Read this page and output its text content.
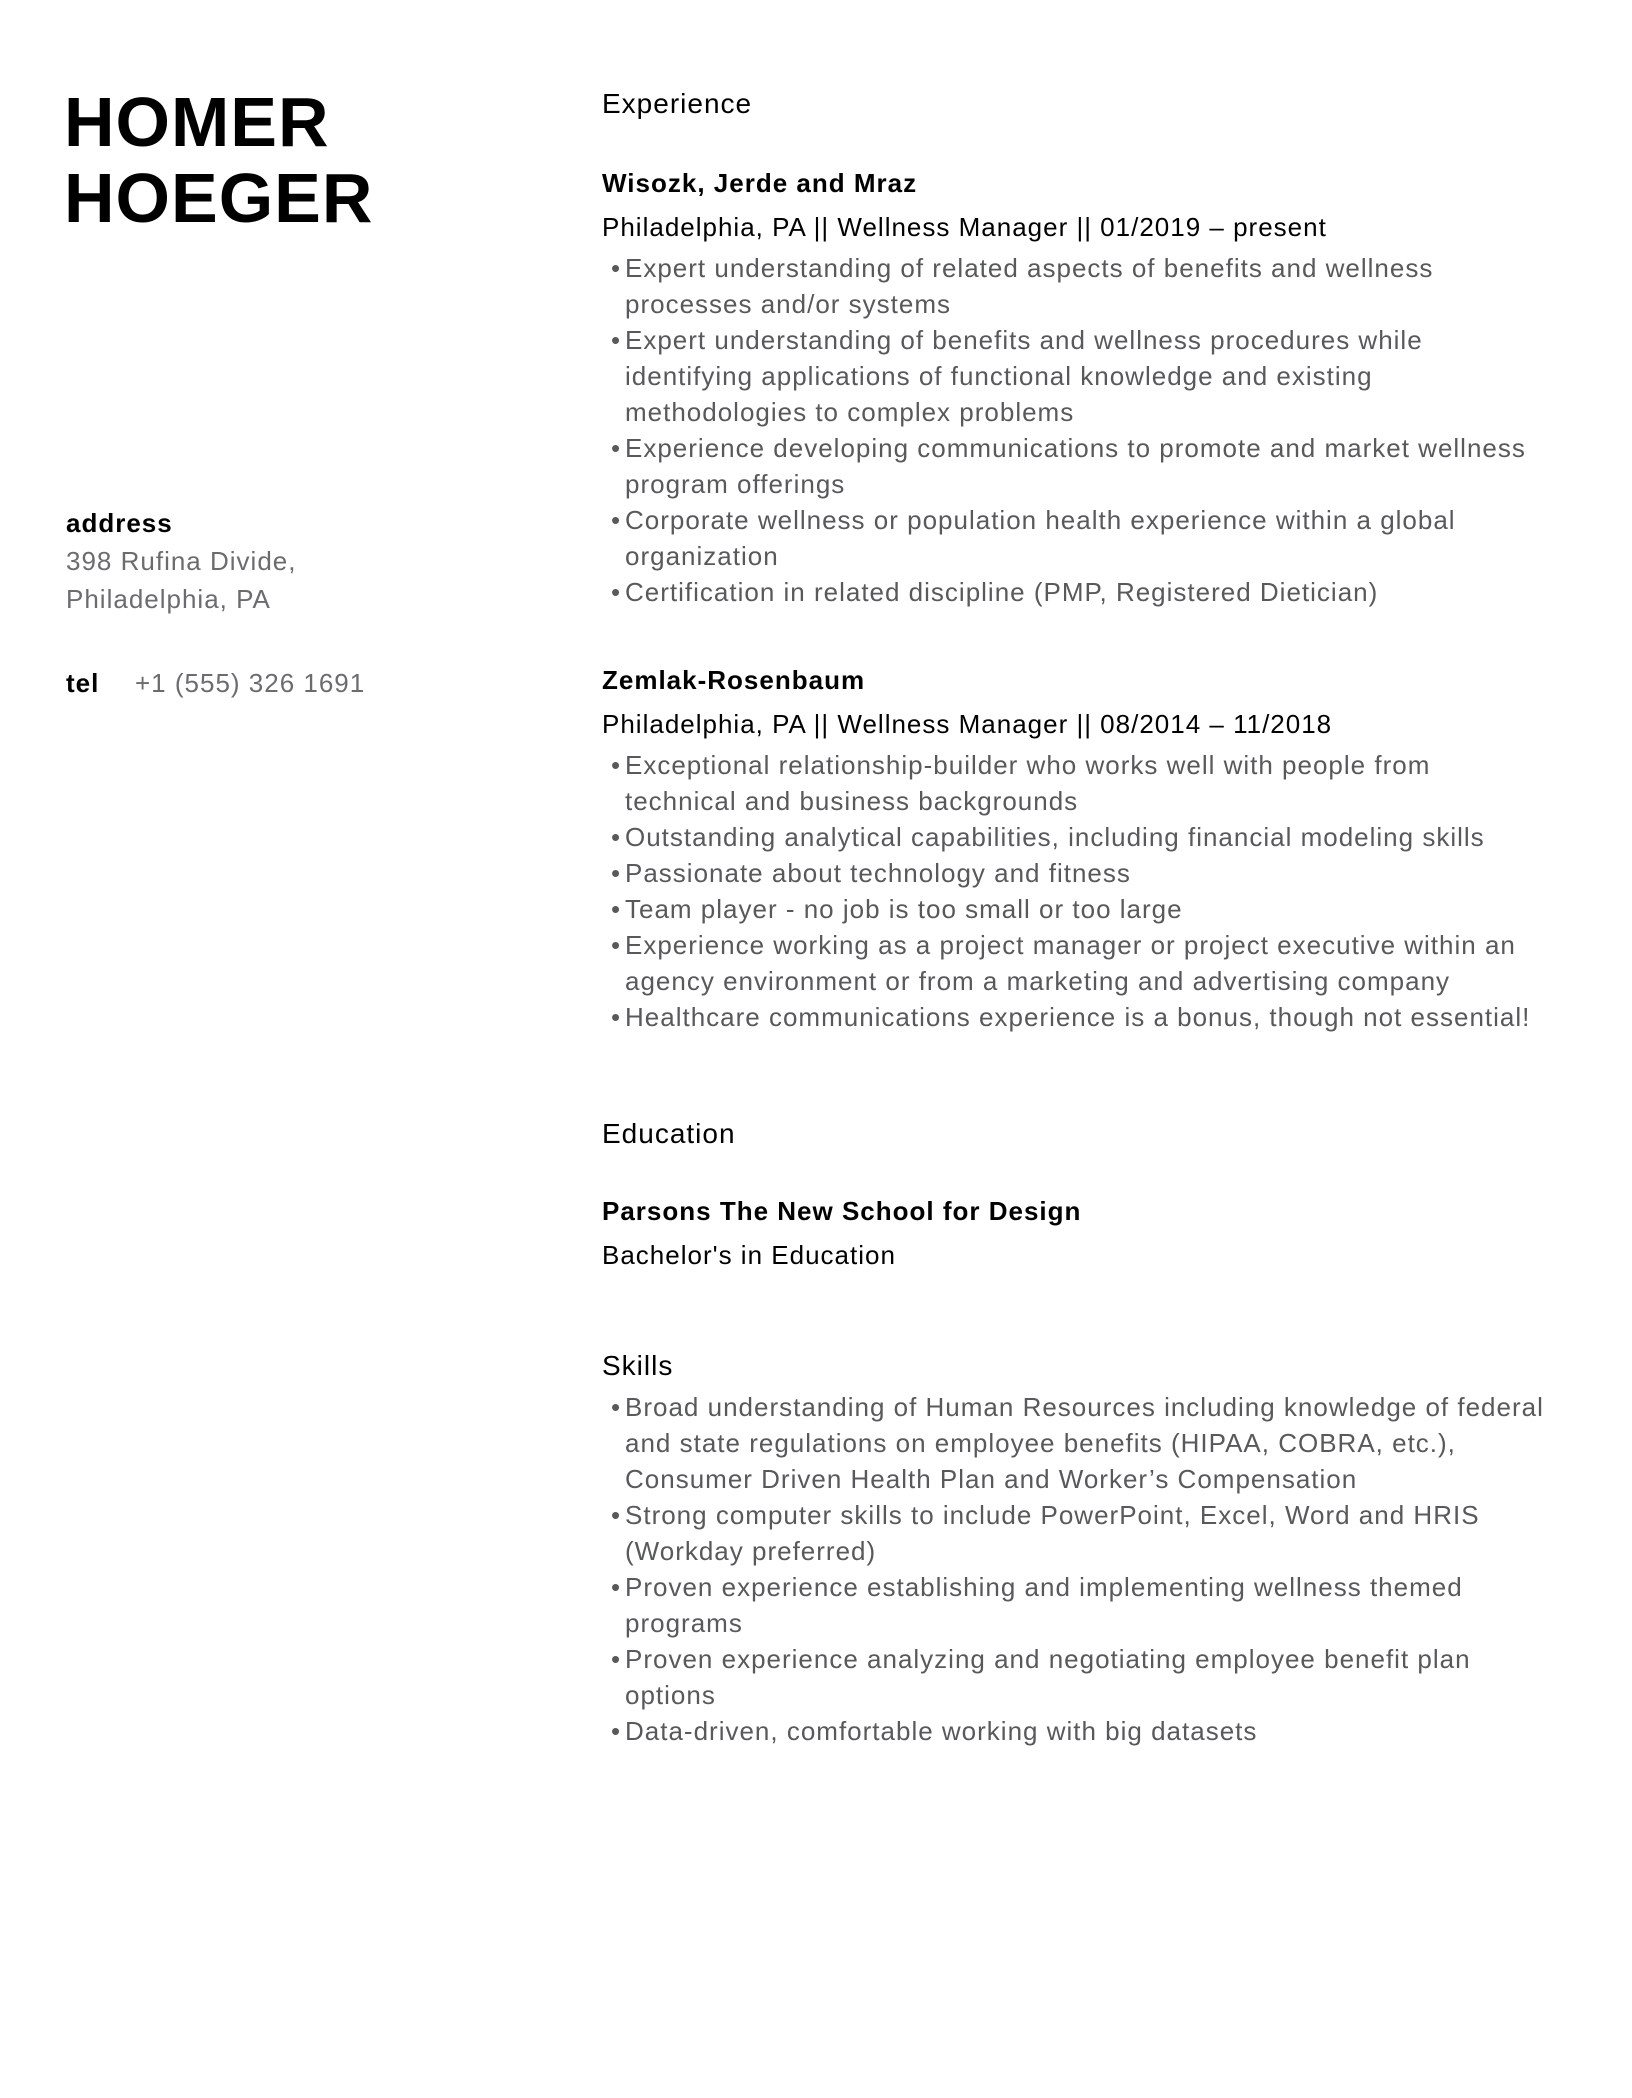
HOMER
HOEGER
address
398 Rufina Divide,
Philadelphia, PA
tel +1 (555) 326 1691
Experience
Wisozk, Jerde and Mraz
Philadelphia, PA || Wellness Manager || 01/2019 – present
• Expert understanding of related aspects of benefits and wellness processes and/or systems
• Expert understanding of benefits and wellness procedures while identifying applications of functional knowledge and existing methodologies to complex problems
• Experience developing communications to promote and market wellness program offerings
• Corporate wellness or population health experience within a global organization
• Certification in related discipline (PMP, Registered Dietician)
Zemlak-Rosenbaum
Philadelphia, PA || Wellness Manager || 08/2014 – 11/2018
• Exceptional relationship-builder who works well with people from technical and business backgrounds
• Outstanding analytical capabilities, including financial modeling skills
• Passionate about technology and fitness
• Team player - no job is too small or too large
• Experience working as a project manager or project executive within an agency environment or from a marketing and advertising company
• Healthcare communications experience is a bonus, though not essential!
Education
Parsons The New School for Design
Bachelor's in Education
Skills
• Broad understanding of Human Resources including knowledge of federal and state regulations on employee benefits (HIPAA, COBRA, etc.), Consumer Driven Health Plan and Worker’s Compensation
• Strong computer skills to include PowerPoint, Excel, Word and HRIS (Workday preferred)
• Proven experience establishing and implementing wellness themed programs
• Proven experience analyzing and negotiating employee benefit plan options
• Data-driven, comfortable working with big datasets
